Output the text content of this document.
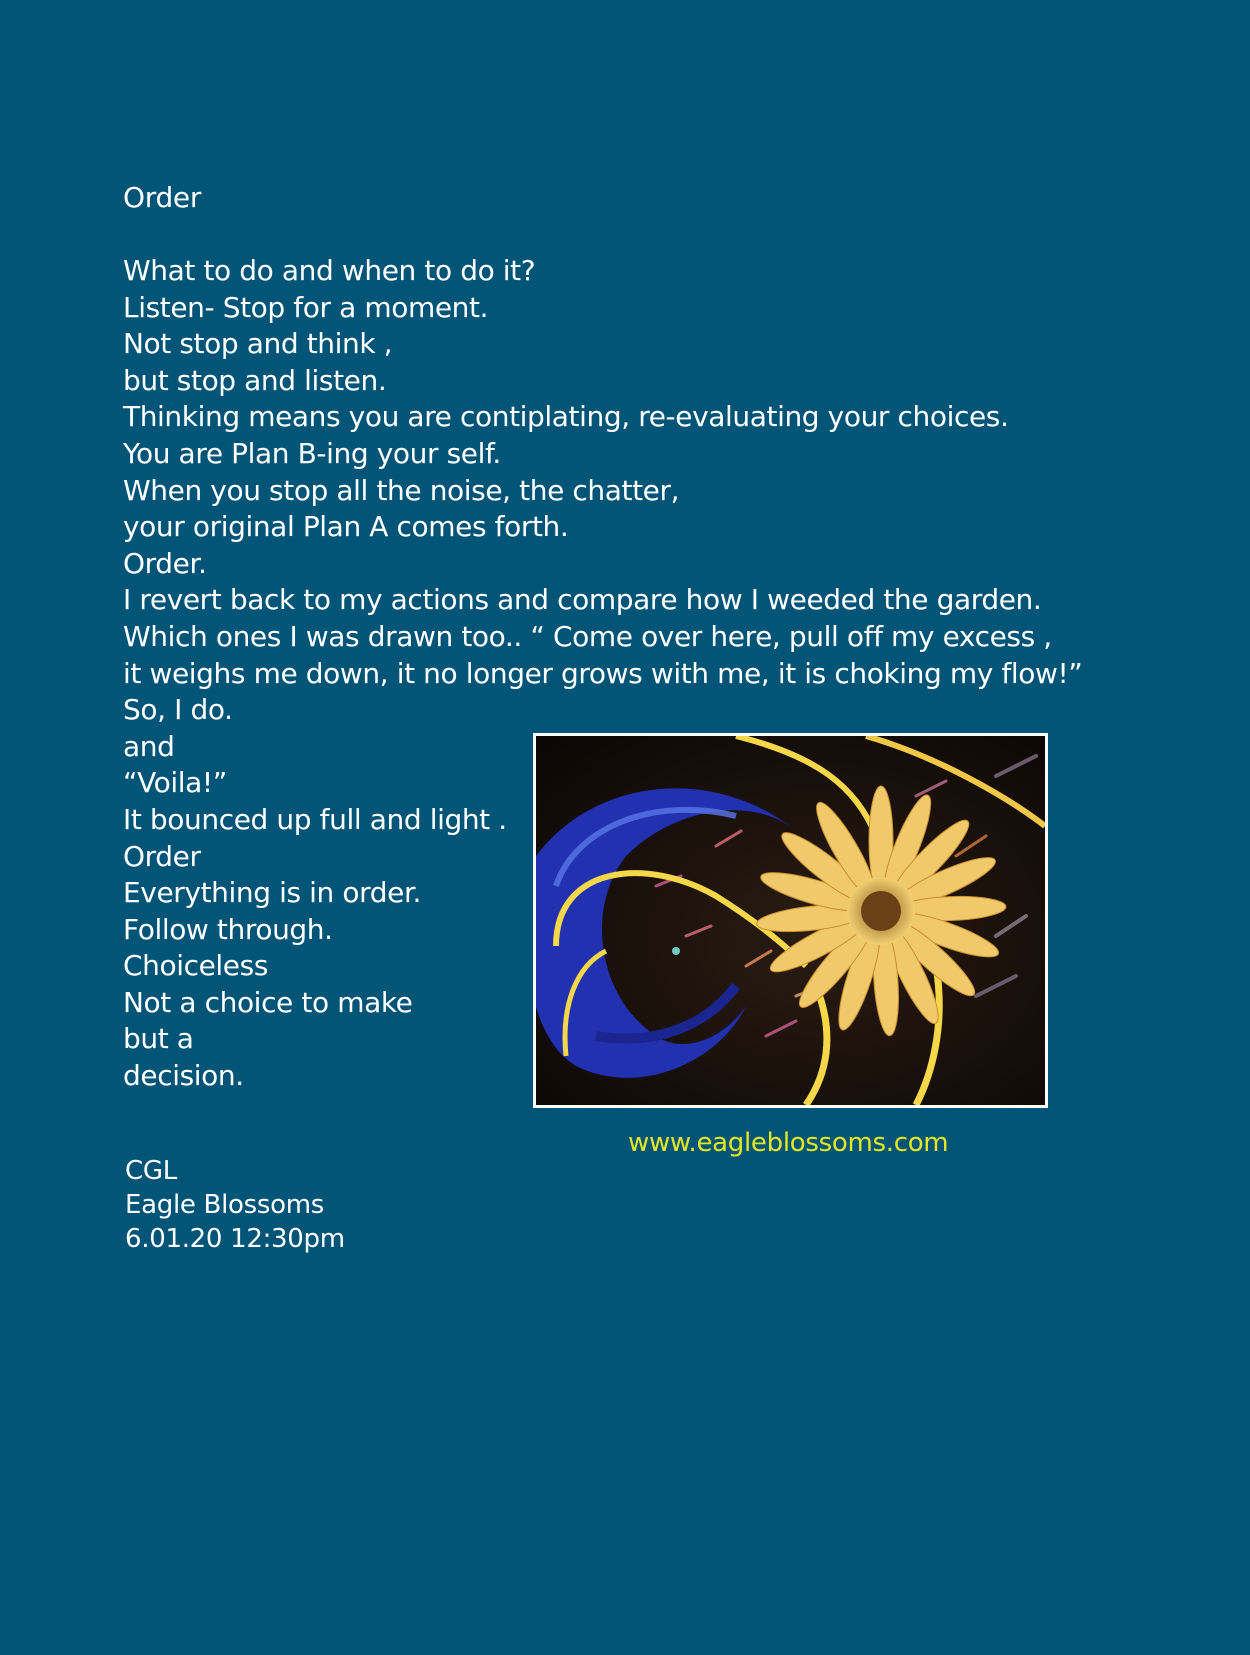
Order
What to do and when to do it?
Listen- Stop for a moment.
Not stop and think ,
but stop and listen.
Thinking means you are contiplating, re-evaluating your choices.
You are Plan B-ing your self.
When you stop all the noise, the chatter,
your original Plan A comes forth.
Order.
I revert back to my actions and compare how I weeded the garden.
Which ones I was drawn too.. “ Come over here, pull off my excess ,
it weighs me down, it no longer grows with me, it is choking my flow!”
So, I do.
and
“Voila!”
It bounced up full and light .
Order
Everything is in order.
Follow through.
Choiceless
Not a choice to make
but a
decision.
www.eagleblossoms.com
CGL
Eagle Blossoms
6.01.20 12:30pm
